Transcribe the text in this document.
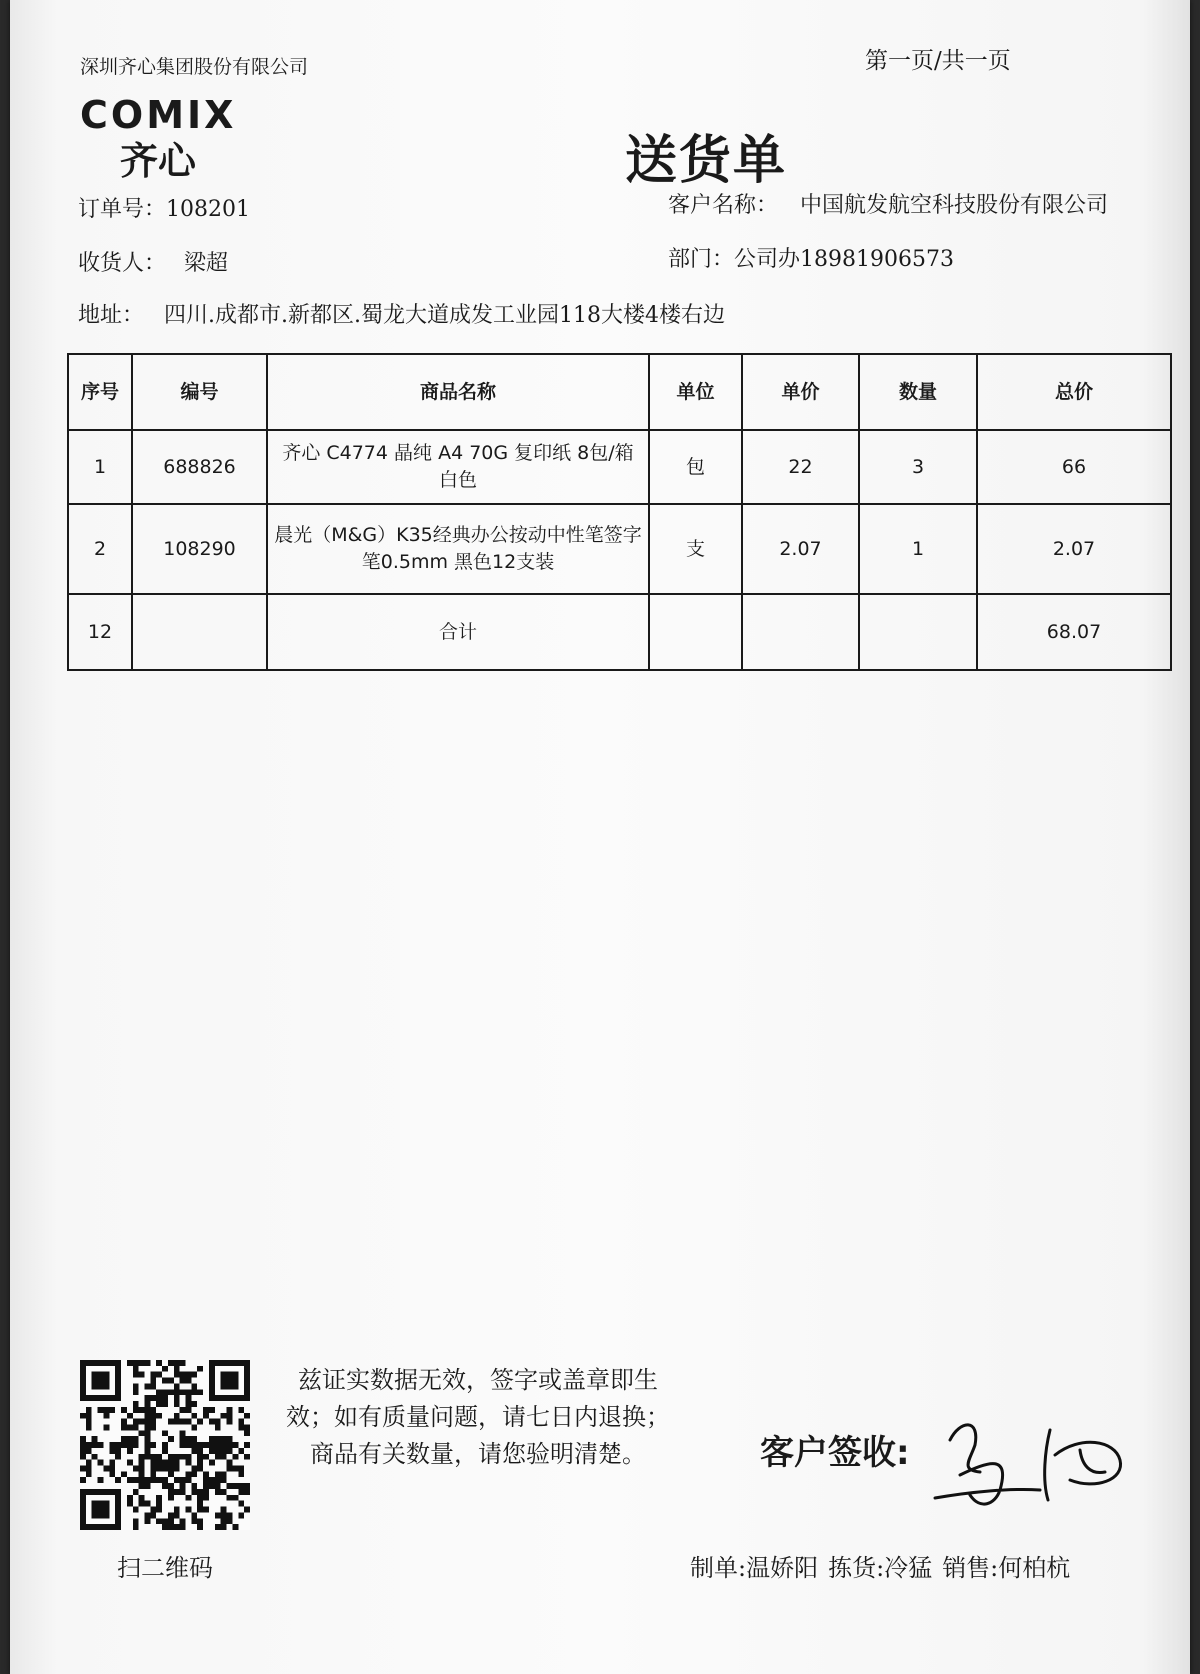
深圳齐心集团股份有限公司	第一页/共一页
COMIX
齐心	送货单
订单号：108201	客户名称： 中国航发航空科技股份有限公司
收货人： 梁超	部门：公司办18981906573
地址： 四川.成都市.新都区.蜀龙大道成发工业园118大楼4楼右边
序号	编号	商品名称	单位	单价	数量	总价
1	688826	齐心 C4774 晶纯 A4 70G 复印纸 8包/箱 白色	包	22	3	66
2	108290	晨光（M&G）K35经典办公按动中性笔签字笔0.5mm 黑色12支装	支	2.07	1	2.07
12		合计				68.07
扫二维码
兹证实数据无效，签字或盖章即生效；如有质量问题，请七日内退换； 商品有关数量，请您验明清楚。	客户签收:
制单:温娇阳 拣货:冷猛 销售:何柏杭
